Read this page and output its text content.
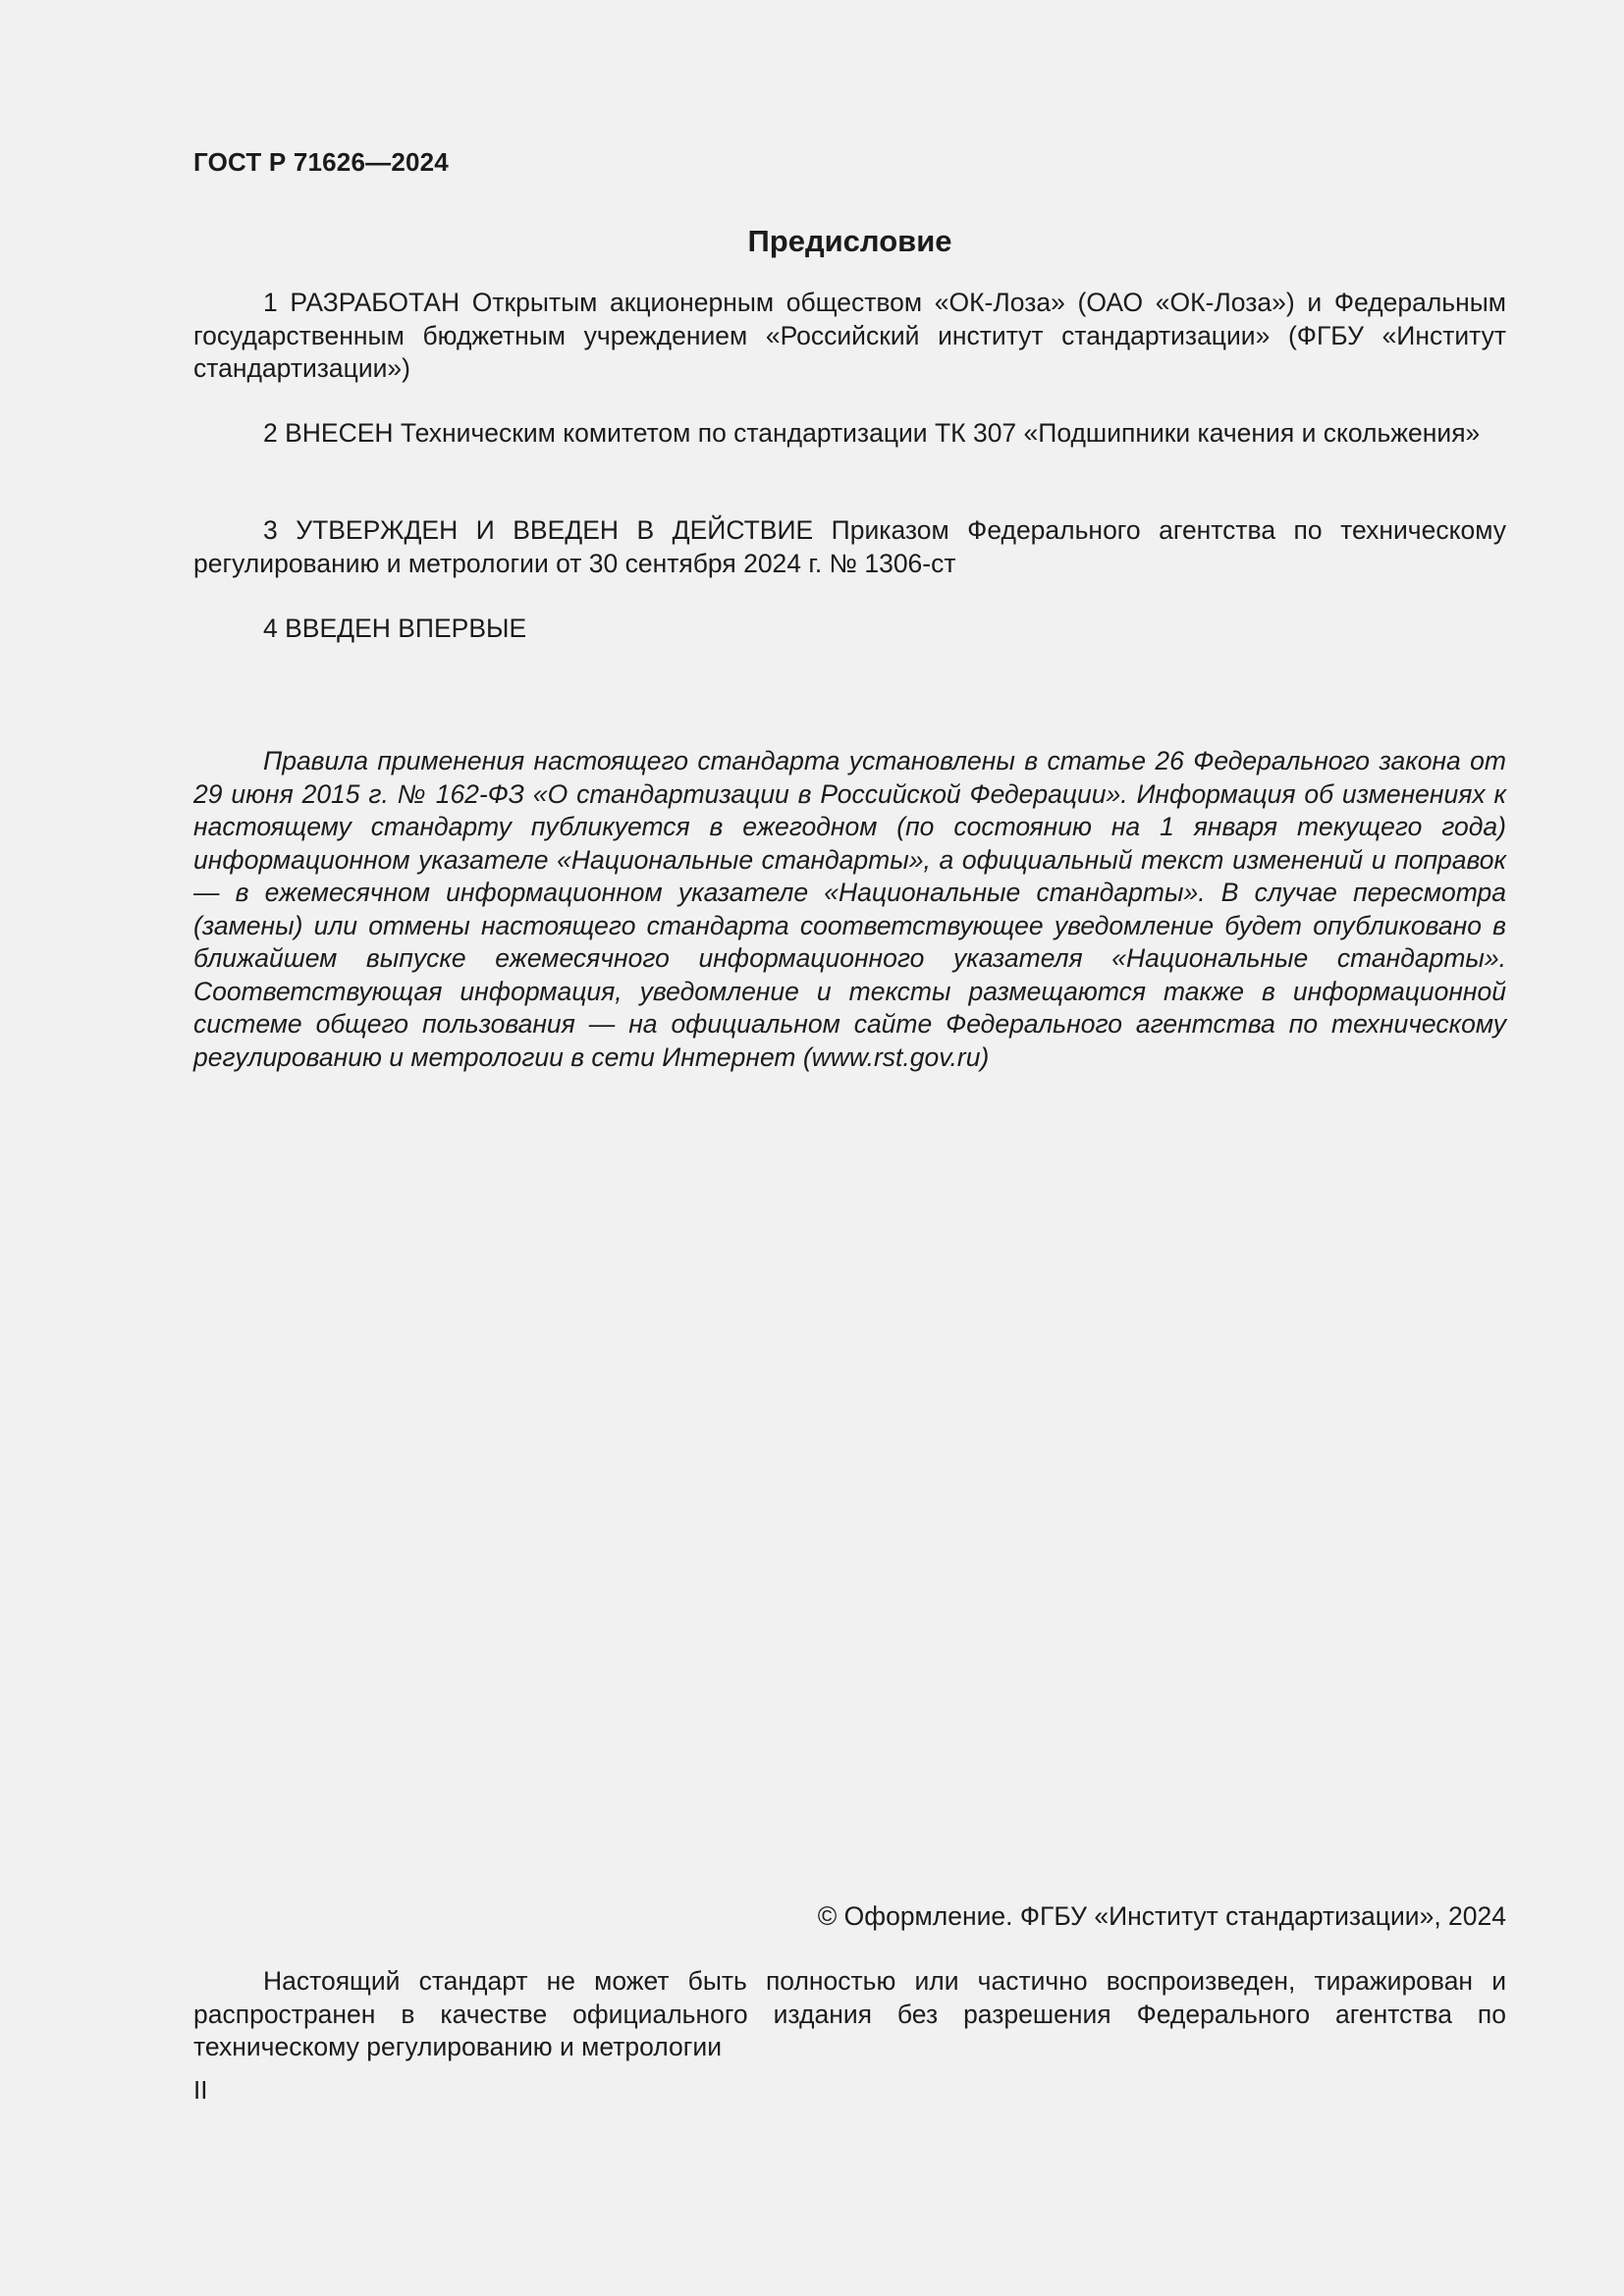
ГОСТ Р 71626—2024
Предисловие

1 РАЗРАБОТАН Открытым акционерным обществом «ОК-Лоза» (ОАО «ОК-Лоза») и Федеральным государственным бюджетным учреждением «Российский институт стандартизации» (ФГБУ «Институт стандартизации»)

2 ВНЕСЕН Техническим комитетом по стандартизации ТК 307 «Подшипники качения и скольжения»

3 УТВЕРЖДЕН И ВВЕДЕН В ДЕЙСТВИЕ Приказом Федерального агентства по техническому регулированию и метрологии от 30 сентября 2024 г. № 1306-ст

4 ВВЕДЕН ВПЕРВЫЕ

Правила применения настоящего стандарта установлены в статье 26 Федерального закона от 29 июня 2015 г. № 162-ФЗ «О стандартизации в Российской Федерации». Информация об изменениях к настоящему стандарту публикуется в ежегодном (по состоянию на 1 января текущего года) информационном указателе «Национальные стандарты», а официальный текст изменений и поправок — в ежемесячном информационном указателе «Национальные стандарты». В случае пересмотра (замены) или отмены настоящего стандарта соответствующее уведомление будет опубликовано в ближайшем выпуске ежемесячного информационного указателя «Национальные стандарты». Соответствующая информация, уведомление и тексты размещаются также в информационной системе общего пользования — на официальном сайте Федерального агентства по техническому регулированию и метрологии в сети Интернет (www.rst.gov.ru)

© Оформление. ФГБУ «Институт стандартизации», 2024

Настоящий стандарт не может быть полностью или частично воспроизведен, тиражирован и распространен в качестве официального издания без разрешения Федерального агентства по техническому регулированию и метрологии

II
